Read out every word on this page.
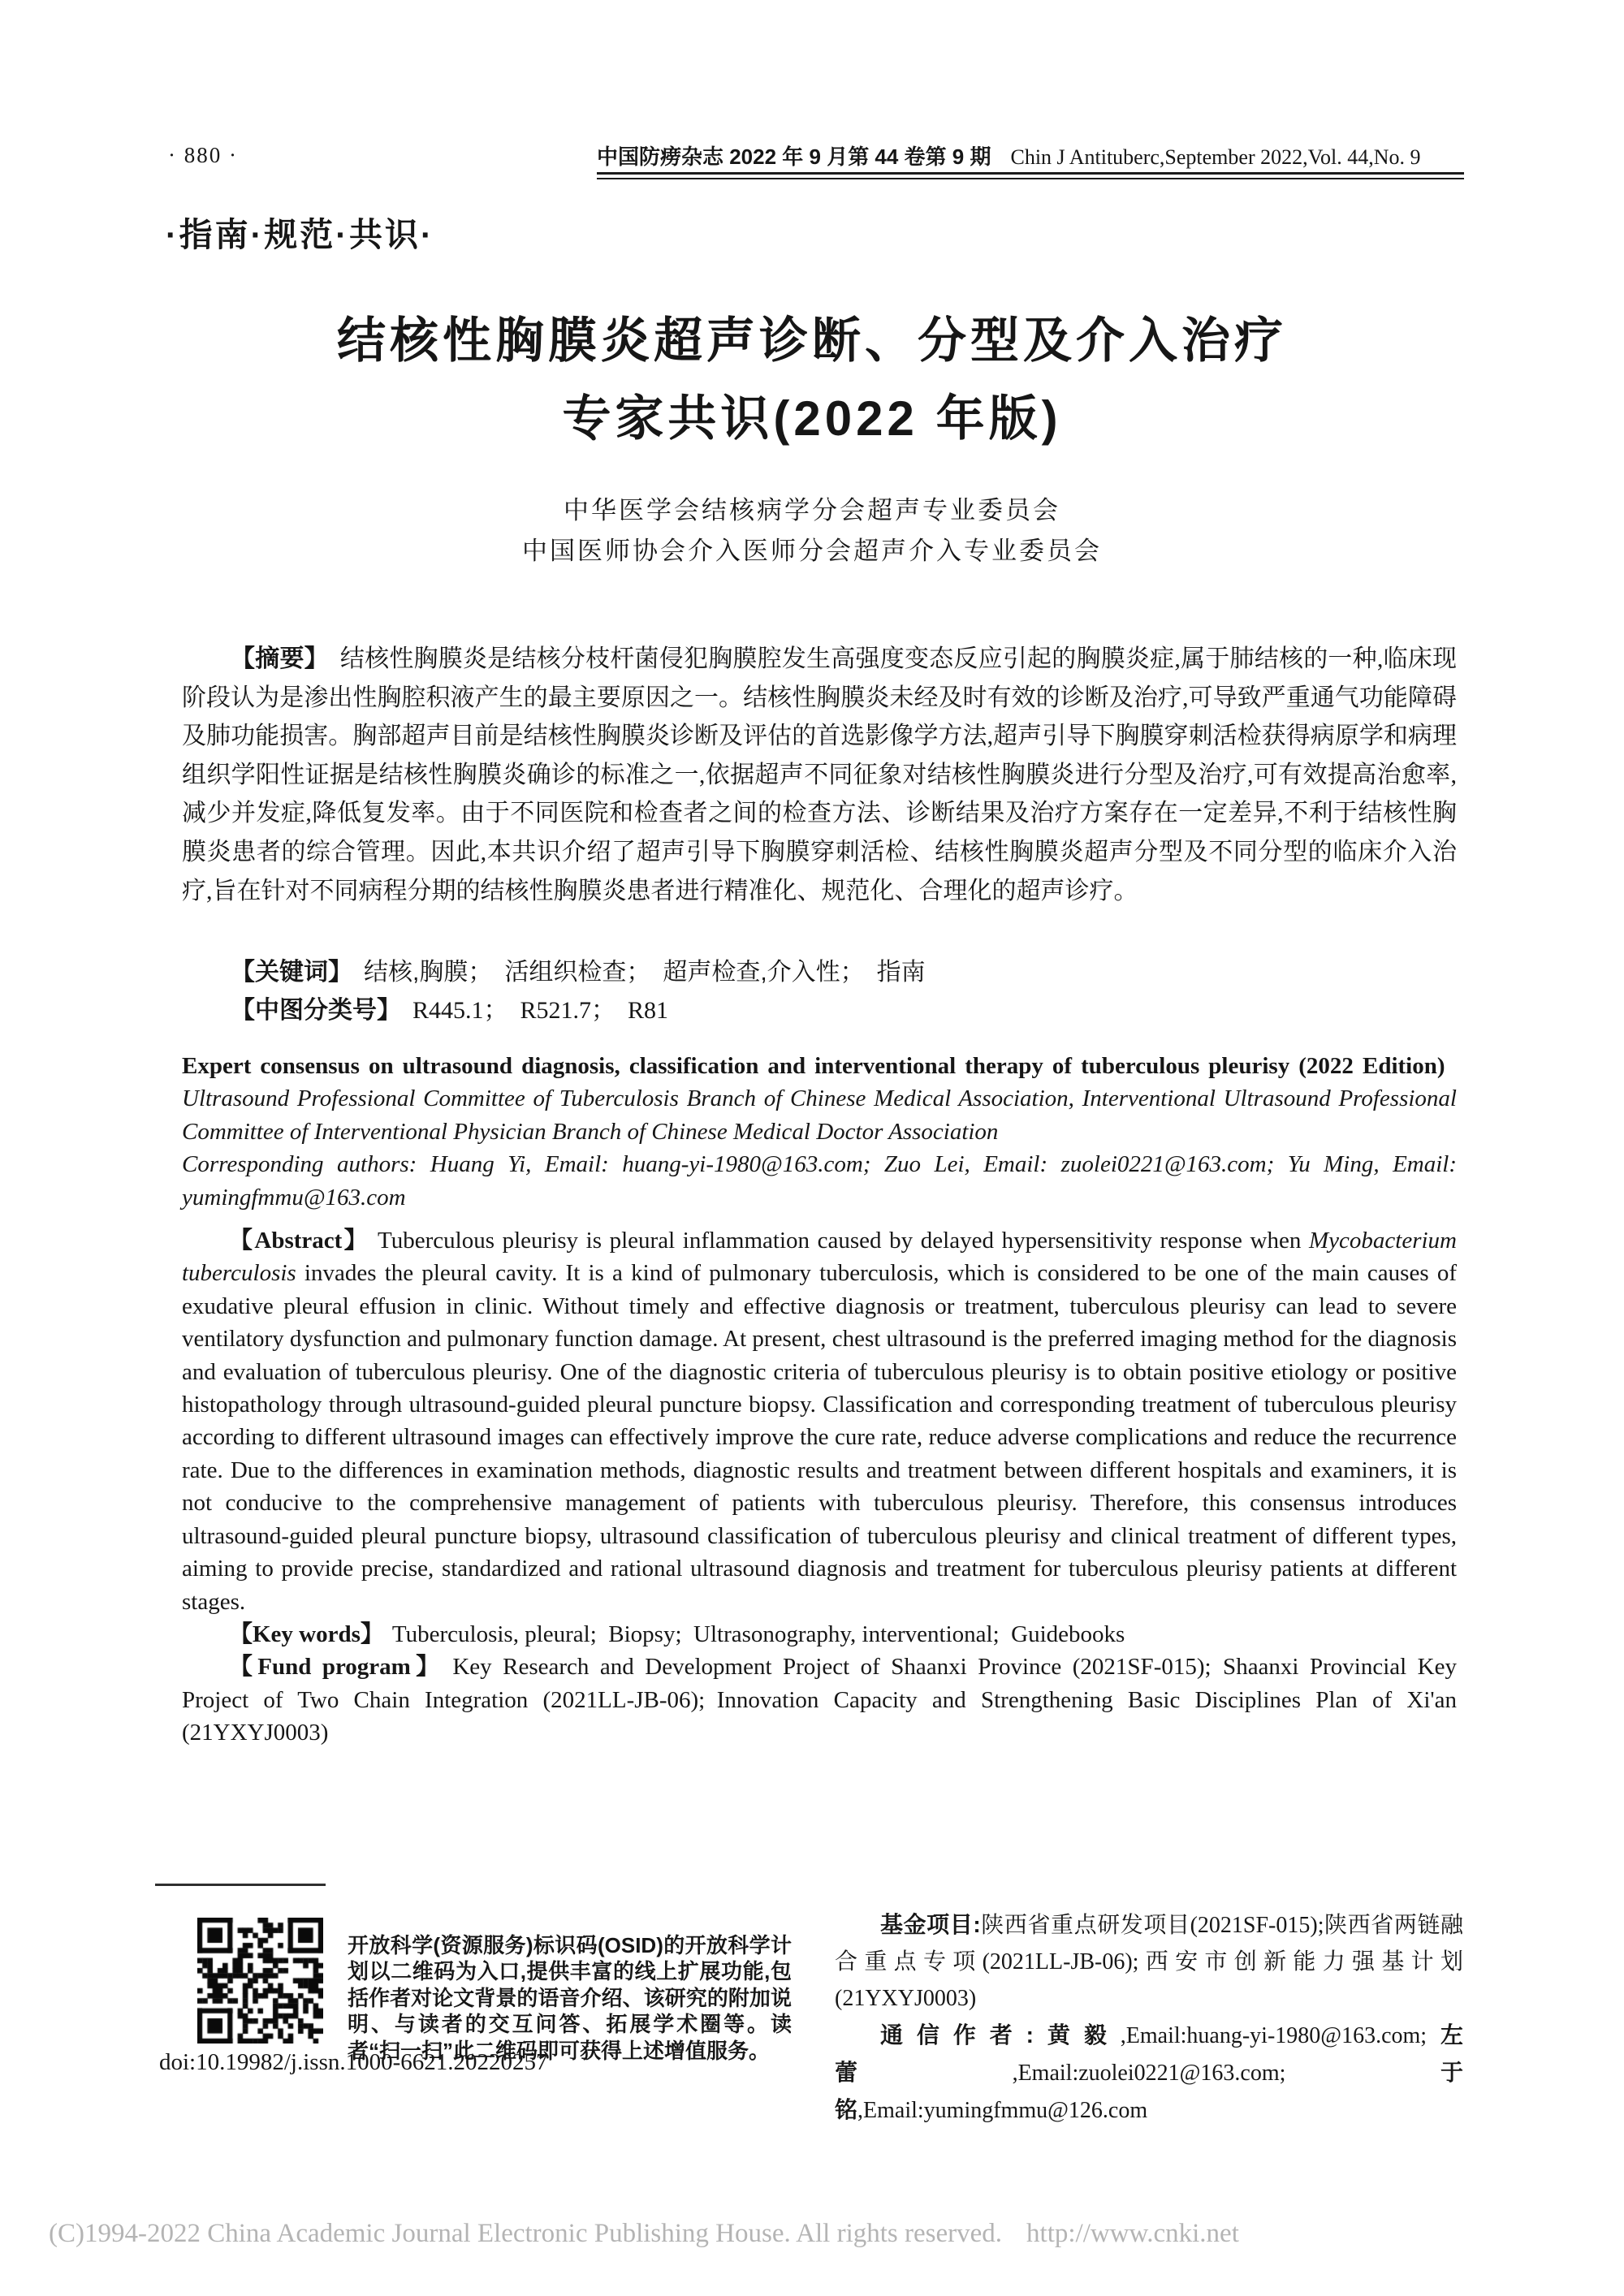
· 880 ·	中国防痨杂志 2022 年 9 月第 44 卷第 9 期 Chin J Antituberc,September 2022,Vol. 44,No. 9
·指南·规范·共识·
结核性胸膜炎超声诊断、分型及介入治疗
专家共识(2022 年版)
中华医学会结核病学分会超声专业委员会
中国医师协会介入医师分会超声介入专业委员会

【摘要】 结核性胸膜炎是结核分枝杆菌侵犯胸膜腔发生高强度变态反应引起的胸膜炎症,属于肺结核的一种,临床现阶段认为是渗出性胸腔积液产生的最主要原因之一。结核性胸膜炎未经及时有效的诊断及治疗,可导致严重通气功能障碍及肺功能损害。胸部超声目前是结核性胸膜炎诊断及评估的首选影像学方法,超声引导下胸膜穿刺活检获得病原学和病理组织学阳性证据是结核性胸膜炎确诊的标准之一,依据超声不同征象对结核性胸膜炎进行分型及治疗,可有效提高治愈率,减少并发症,降低复发率。由于不同医院和检查者之间的检查方法、诊断结果及治疗方案存在一定差异,不利于结核性胸膜炎患者的综合管理。因此,本共识介绍了超声引导下胸膜穿刺活检、结核性胸膜炎超声分型及不同分型的临床介入治疗,旨在针对不同病程分期的结核性胸膜炎患者进行精准化、规范化、合理化的超声诊疗。

【关键词】 结核,胸膜； 活组织检查； 超声检查,介入性； 指南

【中图分类号】 R445.1； R521.7； R81

Expert consensus on ultrasound diagnosis, classification and interventional therapy of tuberculous pleurisy (2022 Edition) Ultrasound Professional Committee of Tuberculosis Branch of Chinese Medical Association, Interventional Ultrasound Professional Committee of Interventional Physician Branch of Chinese Medical Doctor Association

Corresponding authors: Huang Yi, Email: huang-yi-1980@163.com; Zuo Lei, Email: zuolei0221@163.com; Yu Ming, Email: yumingfmmu@163.com

【Abstract】 Tuberculous pleurisy is pleural inflammation caused by delayed hypersensitivity response when Mycobacterium tuberculosis invades the pleural cavity. It is a kind of pulmonary tuberculosis, which is considered to be one of the main causes of exudative pleural effusion in clinic. Without timely and effective diagnosis or treatment, tuberculous pleurisy can lead to severe ventilatory dysfunction and pulmonary function damage. At present, chest ultrasound is the preferred imaging method for the diagnosis and evaluation of tuberculous pleurisy. One of the diagnostic criteria of tuberculous pleurisy is to obtain positive etiology or positive histopathology through ultrasound-guided pleural puncture biopsy. Classification and corresponding treatment of tuberculous pleurisy according to different ultrasound images can effectively improve the cure rate, reduce adverse complications and reduce the recurrence rate. Due to the differences in examination methods, diagnostic results and treatment between different hospitals and examiners, it is not conducive to the comprehensive management of patients with tuberculous pleurisy. Therefore, this consensus introduces ultrasound-guided pleural puncture biopsy, ultrasound classification of tuberculous pleurisy and clinical treatment of different types, aiming to provide precise, standardized and rational ultrasound diagnosis and treatment for tuberculous pleurisy patients at different stages.

【Key words】 Tuberculosis, pleural; Biopsy; Ultrasonography, interventional; Guidebooks

【Fund program】 Key Research and Development Project of Shaanxi Province (2021SF-015); Shaanxi Provincial Key Project of Two Chain Integration (2021LL-JB-06); Innovation Capacity and Strengthening Basic Disciplines Plan of Xi'an (21YXYJ0003)

开放科学(资源服务)标识码(OSID)的开放科学计划以二维码为入口,提供丰富的线上扩展功能,包括作者对论文背景的语音介绍、该研究的附加说明、与读者的交互问答、拓展学术圈等。读者“扫一扫”此二维码即可获得上述增值服务。

doi:10.19982/j.issn.1000-6621.20220257

基金项目:陕西省重点研发项目(2021SF-015);陕西省两链融合重点专项(2021LL-JB-06);西安市创新能力强基计划(21YXYJ0003)

通信作者:黄毅,Email:huang-yi-1980@163.com;左蕾,Email:zuolei0221@163.com;于铭,Email:yumingfmmu@126.com

(C)1994-2022 China Academic Journal Electronic Publishing House. All rights reserved. http://www.cnki.net
